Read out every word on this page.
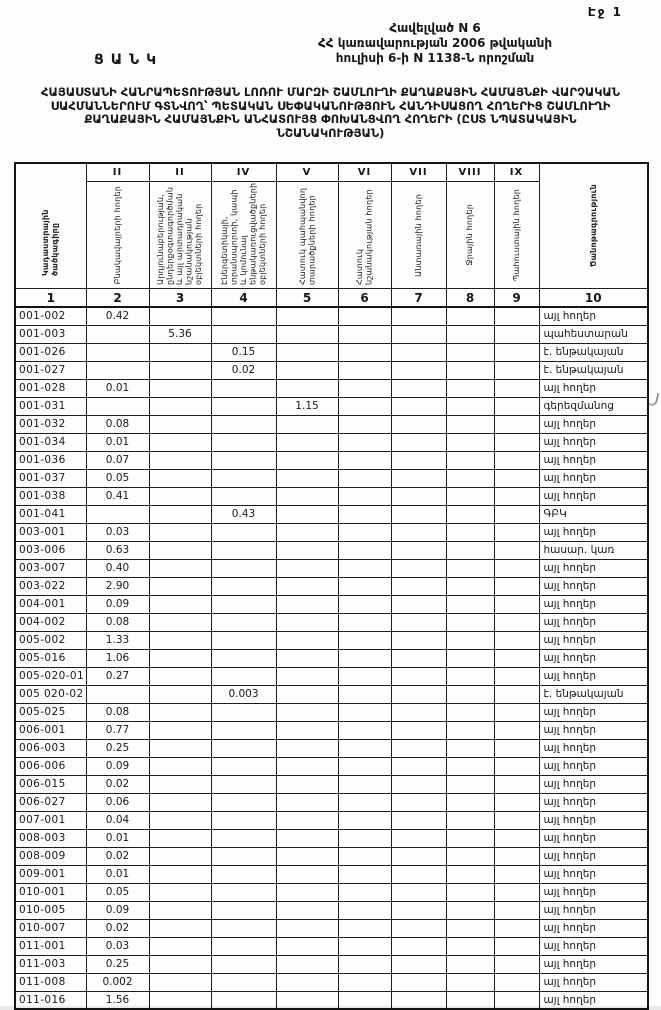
Էջ 1
Հավելված N 6
ՀՀ կառավարության 2006 թվականի
հուլիսի 6-ի N 1138-Ն որոշման
ՑԱՆԿ
ՀԱՅԱՍՏԱՆԻ ՀԱՆՐԱՊԵՏՈՒԹՅԱՆ ԼՈՌՈՒ ՄԱՐԶԻ ՇԱՄԼՈՒՂԻ ՔԱՂԱՔԱՅԻՆ ՀԱՄԱՅՆՔԻ ՎԱՐՉԱԿԱՆ ՍԱՀՄԱՆՆԵՐՈՒՄ ԳՏՆՎՈՂ՝ ՊԵՏԱԿԱՆ ՍԵՓԱԿԱՆՈՒԹՅՈՒՆ ՀԱՆԴԻՍԱՑՈՂ ՀՈՂԵՐԻՑ ՇԱՄԼՈՒՂԻ ՔԱՂԱՔԱՅԻՆ ՀԱՄԱՅՆՔԻՆ ԱՆՀԱՏՈՒՅՑ ՓՈԽԱՆՑՎՈՂ ՀՈՂԵՐԻ (ԸՍՏ ՆՊԱՏԱԿԱՅԻՆ ՆՇԱՆԱԿՈՒԹՅԱՆ)
Կադաստրային ծածկագիրը	II	II	IV	V	VI	VII	VIII	IX	Ծանոթագրություն

	Բնակավայրերի հողեր	Արդյունաբերության, ընդերքօգտագործման և այլ արտադրական նշանակության օբյեկտների հողեր	Էներգետիկայի, տրանսպորտի, կապի և կոմունալ ենթակառուցվածքների օբյեկտների հողեր	Հատուկ պահպանվող տարածքների հողեր	Հատուկ նշանակության հողեր	Անտառային հողեր	Ջրային հողեր	Պահուստային հողեր	

1	2	3	4	5	6	7	8	9	10
001-002	0.42								այլ հողեր
001-003		5.36							պահեստարան
001-026			0.15						է. ենթակայան
001-027			0.02						է. ենթակայան
001-028	0.01								այլ հողեր
001-031				1.15					գերեզմանոց
001-032	0.08								այլ հողեր
001-034	0.01								այլ հողեր
001-036	0.07								այլ հողեր
001-037	0.05								այլ հողեր
001-038	0.41								այլ հողեր
001-041			0.43						ԳԲԿ
003-001	0.03								այլ հողեր
003-006	0.63								հասար. կառ
003-007	0.40								այլ հողեր
003-022	2.90								այլ հողեր
004-001	0.09								այլ հողեր
004-002	0.08								այլ հողեր
005-002	1.33								այլ հողեր
005-016	1.06								այլ հողեր
005-020-01	0.27								այլ հողեր
005 020-02			0.003						է. ենթակայան
005-025	0.08								այլ հողեր
006-001	0.77								այլ հողեր
006-003	0.25								այլ հողեր
006-006	0.09								այլ հողեր
006-015	0.02								այլ հողեր
006-027	0.06								այլ հողեր
007-001	0.04								այլ հողեր
008-003	0.01								այլ հողեր
008-009	0.02								այլ հողեր
009-001	0.01								այլ հողեր
010-001	0.05								այլ հողեր
010-005	0.09								այլ հողեր
010-007	0.02								այլ հողեր
011-001	0.03								այլ հողեր
011-003	0.25								այլ հողեր
011-008	0.002								այլ հողեր
011-016	1.56								այլ հողեր
